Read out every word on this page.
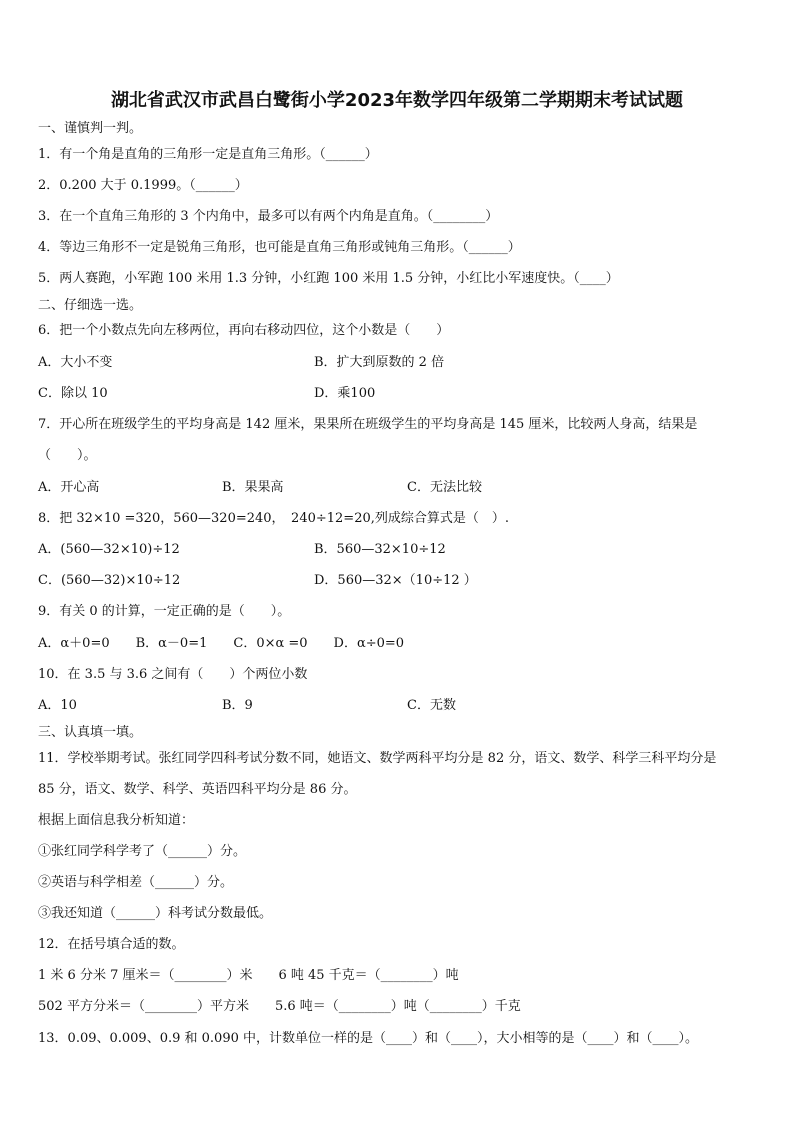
湖北省武汉市武昌白鹭街小学2023年数学四年级第二学期期末考试试题
一、谨慎判一判。
1．有一个角是直角的三角形一定是直角三角形。（______）
2．0.200 大于 0.1999。（______）
3．在一个直角三角形的 3 个内角中，最多可以有两个内角是直角。（________）
4．等边三角形不一定是锐角三角形，也可能是直角三角形或钝角三角形。（______）
5．两人赛跑，小军跑 100 米用 1.3 分钟，小红跑 100 米用 1.5 分钟，小红比小军速度快。（____）
二、仔细选一选。
6．把一个小数点先向左移两位，再向右移动四位，这个小数是（　　）
A．大小不变	B．扩大到原数的 2 倍
C．除以 10	D．乘100
7．开心所在班级学生的平均身高是 142 厘米，果果所在班级学生的平均身高是 145 厘米，比较两人身高，结果是
（　　）。
A．开心高	B．果果高	C．无法比较
8．把 32×10 =320，560—320=240，　240÷12=20,列成综合算式是（　）.
A．(560—32×10)÷12	B．560—32×10÷12
C．(560—32)×10÷12	D．560—32×（10÷12 ）
9．有关 0 的计算，一定正确的是（　　）。
A．α＋0=0　　B．α－0=1　　C．0×α =0　　D．α÷0=0
10．在 3.5 与 3.6 之间有（　　）个两位小数
A．10	B．9	C．无数
三、认真填一填。
11．学校举期考试。张红同学四科考试分数不同，她语文、数学两科平均分是 82 分，语文、数学、科学三科平均分是
85 分，语文、数学、科学、英语四科平均分是 86 分。
根据上面信息我分析知道：
①张红同学科学考了（______）分。
②英语与科学相差（______）分。
③我还知道（______）科考试分数最低。
12．在括号填合适的数。
1 米 6 分米 7 厘米＝（________）米　　6 吨 45 千克＝（________）吨
502 平方分米＝（________）平方米　　5.6 吨＝（________）吨（________）千克
13．0.09、0.009、0.9 和 0.090 中，计数单位一样的是（____）和（____），大小相等的是（____）和（____）。
